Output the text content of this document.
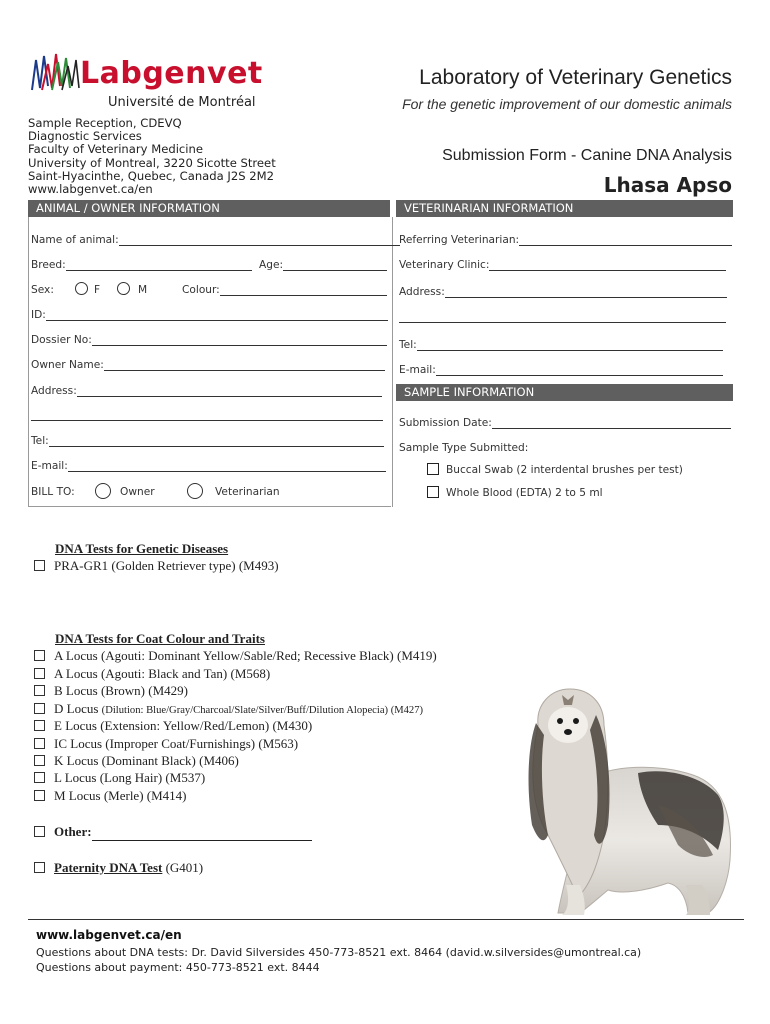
Labgenvet
Université de Montréal
Laboratory of Veterinary Genetics
For the genetic improvement of our domestic animals
Sample Reception, CDEVQ
Diagnostic Services
Faculty of Veterinary Medicine
University of Montreal, 3220 Sicotte Street
Saint-Hyacinthe, Quebec, Canada J2S 2M2
www.labgenvet.ca/en
Submission Form - Canine DNA Analysis
Lhasa Apso
ANIMAL / OWNER INFORMATION	VETERINARIAN INFORMATION
Name of animal:
Breed:	Age:
Sex:	F	M	Colour:
ID:
Dossier No:
Owner Name:
Address:
Tel:
E-mail:
BILL TO:	Owner	Veterinarian
Referring Veterinarian:
Veterinary Clinic:
Address:
Tel:
E-mail:
SAMPLE INFORMATION
Submission Date:
Sample Type Submitted:
Buccal Swab (2 interdental brushes per test)
Whole Blood (EDTA) 2 to 5 ml
DNA Tests for Genetic Diseases
PRA-GR1 (Golden Retriever type) (M493)
DNA Tests for Coat Colour and Traits
A Locus (Agouti: Dominant Yellow/Sable/Red; Recessive Black) (M419)
A Locus (Agouti: Black and Tan) (M568)
B Locus (Brown) (M429)
D Locus (Dilution: Blue/Gray/Charcoal/Slate/Silver/Buff/Dilution Alopecia) (M427)
E Locus (Extension: Yellow/Red/Lemon) (M430)
IC Locus (Improper Coat/Furnishings) (M563)
K Locus (Dominant Black) (M406)
L Locus (Long Hair) (M537)
M Locus (Merle) (M414)
Other:
Paternity DNA Test (G401)
www.labgenvet.ca/en
Questions about DNA tests: Dr. David Silversides 450-773-8521 ext. 8464 (david.w.silversides@umontreal.ca)
Questions about payment: 450-773-8521 ext. 8444
